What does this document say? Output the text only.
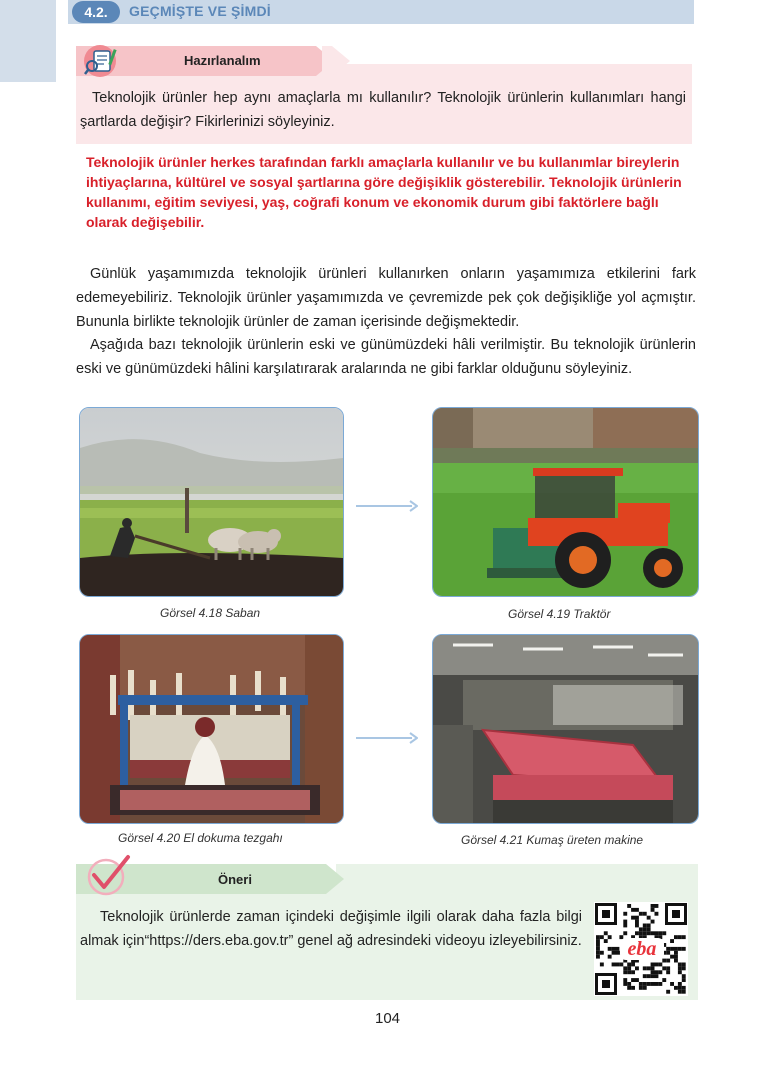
4.2.	GEÇMİŞTE VE ŞİMDİ
Hazırlanalım
Teknolojik ürünler hep aynı amaçlarla mı kullanılır? Teknolojik ürünlerin kullanımları hangi şartlarda değişir? Fikirlerinizi söyleyiniz.
Teknolojik ürünler herkes tarafından farklı amaçlarla kullanılır ve bu kullanımlar bireylerin ihtiyaçlarına, kültürel ve sosyal şartlarına göre değişiklik gösterebilir. Teknolojik ürünlerin kullanımı, eğitim seviyesi, yaş, coğrafi konum ve ekonomik durum gibi faktörlere bağlı olarak değişebilir.
Günlük yaşamımızda teknolojik ürünleri kullanırken onların yaşamımıza etkilerini fark edemeyebiliriz. Teknolojik ürünler yaşamımızda ve çevremizde pek çok değişikliğe yol açmıştır. Bununla birlikte teknolojik ürünler de zaman içerisinde değişmektedir.
Aşağıda bazı teknolojik ürünlerin eski ve günümüzdeki hâli verilmiştir. Bu teknolojik ürünlerin eski ve günümüzdeki hâlini karşılatırarak aralarında ne gibi farklar olduğunu söyleyiniz.
Görsel 4.18 Saban	Görsel 4.19 Traktör
Görsel 4.20 El dokuma tezgahı	Görsel 4.21 Kumaş üreten makine
Öneri
Teknolojik ürünlerde zaman içindeki değişimle ilgili olarak daha fazla bilgi almak için“https://ders.eba.gov.tr” genel ağ adresindeki videoyu izleyebilirsiniz. eba
104
